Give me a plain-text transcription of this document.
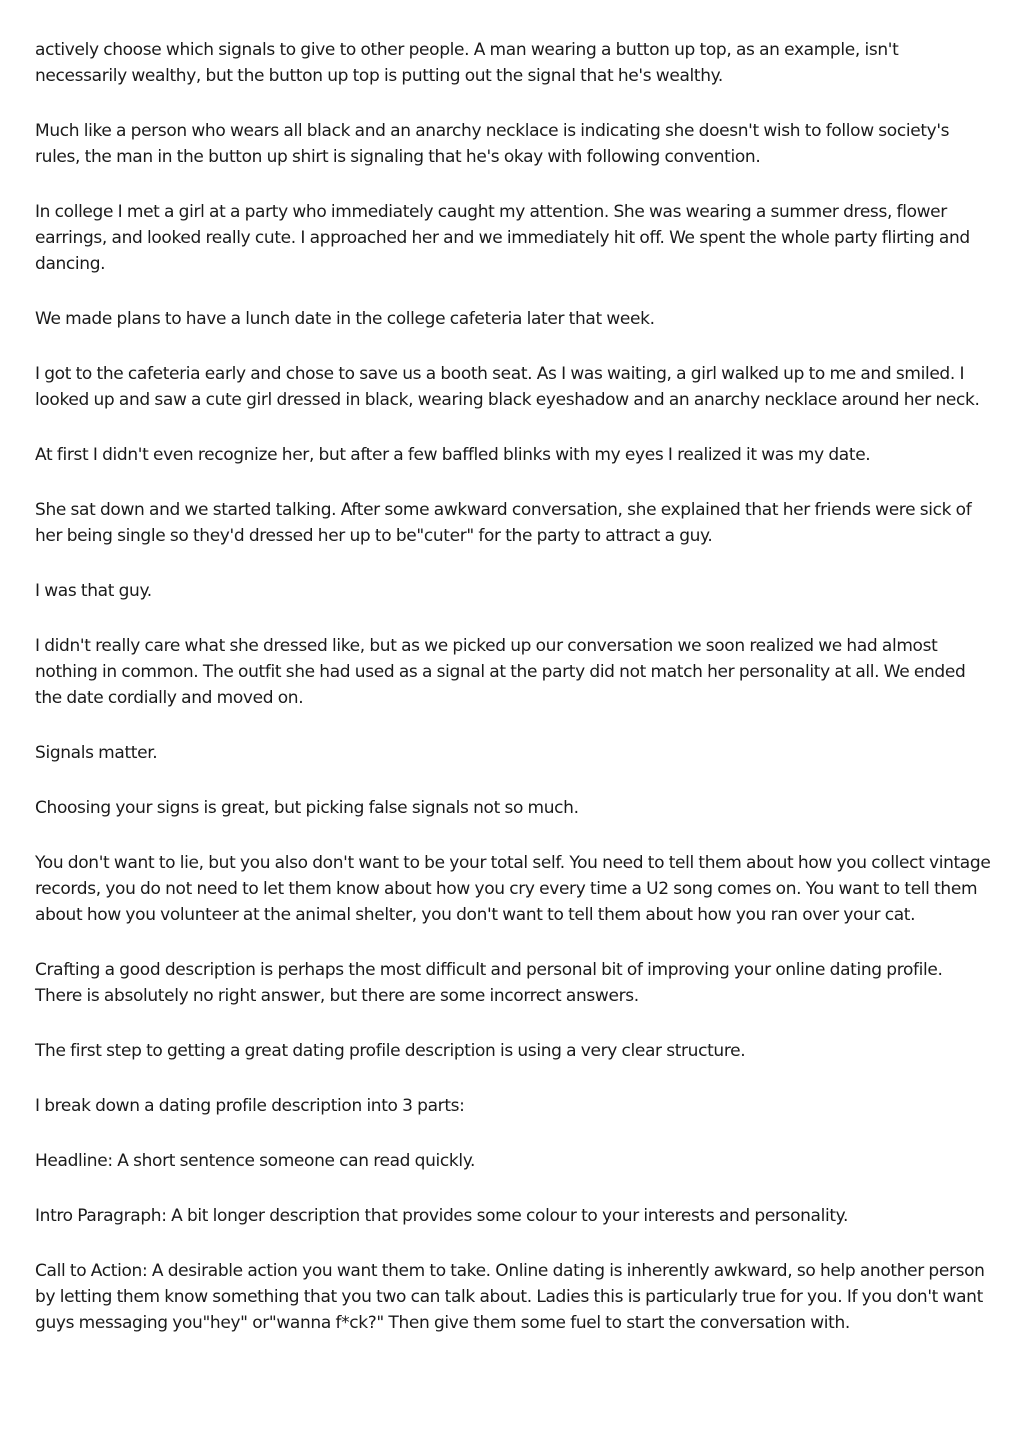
actively choose which signals to give to other people. A man wearing a button up top, as an example, isn't necessarily wealthy, but the button up top is putting out the signal that he's wealthy.

Much like a person who wears all black and an anarchy necklace is indicating she doesn't wish to follow society's rules, the man in the button up shirt is signaling that he's okay with following convention.

In college I met a girl at a party who immediately caught my attention. She was wearing a summer dress, flower earrings, and looked really cute. I approached her and we immediately hit off. We spent the whole party flirting and dancing.

We made plans to have a lunch date in the college cafeteria later that week.

I got to the cafeteria early and chose to save us a booth seat. As I was waiting, a girl walked up to me and smiled. I looked up and saw a cute girl dressed in black, wearing black eyeshadow and an anarchy necklace around her neck.

At first I didn't even recognize her, but after a few baffled blinks with my eyes I realized it was my date.

She sat down and we started talking. After some awkward conversation, she explained that her friends were sick of her being single so they'd dressed her up to be"cuter" for the party to attract a guy.

I was that guy.

I didn't really care what she dressed like, but as we picked up our conversation we soon realized we had almost nothing in common. The outfit she had used as a signal at the party did not match her personality at all. We ended the date cordially and moved on.

Signals matter.

Choosing your signs is great, but picking false signals not so much.

You don't want to lie, but you also don't want to be your total self. You need to tell them about how you collect vintage records, you do not need to let them know about how you cry every time a U2 song comes on. You want to tell them about how you volunteer at the animal shelter, you don't want to tell them about how you ran over your cat.

Crafting a good description is perhaps the most difficult and personal bit of improving your online dating profile. There is absolutely no right answer, but there are some incorrect answers.

The first step to getting a great dating profile description is using a very clear structure.

I break down a dating profile description into 3 parts:

Headline: A short sentence someone can read quickly.

Intro Paragraph: A bit longer description that provides some colour to your interests and personality.

Call to Action: A desirable action you want them to take. Online dating is inherently awkward, so help another person by letting them know something that you two can talk about. Ladies this is particularly true for you. If you don't want guys messaging you"hey" or"wanna f*ck?" Then give them some fuel to start the conversation with.
